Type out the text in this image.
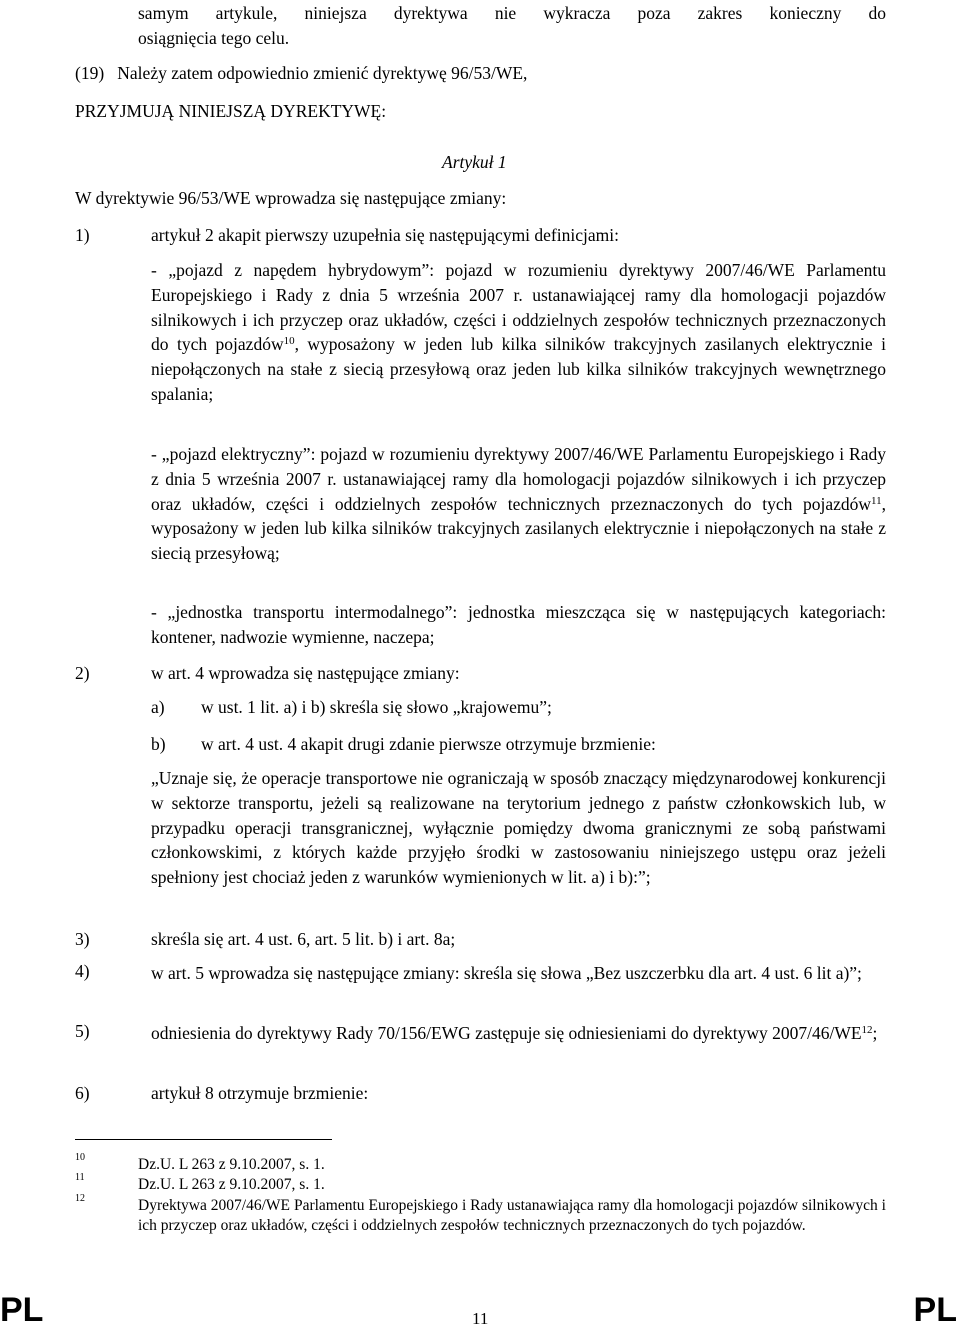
samym artykule, niniejsza dyrektywa nie wykracza poza zakres konieczny do
osiągnięcia tego celu.
(19)   Należy zatem odpowiednio zmienić dyrektywę 96/53/WE,
PRZYJMUJĄ NINIEJSZĄ DYREKTYWĘ:
Artykuł 1
W dyrektywie 96/53/WE wprowadza się następujące zmiany:
1)	artykuł 2 akapit pierwszy uzupełnia się następującymi definicjami:
- „pojazd z napędem hybrydowym”: pojazd w rozumieniu dyrektywy 2007/46/WE Parlamentu Europejskiego i Rady z dnia 5 września 2007 r. ustanawiającej ramy dla homologacji pojazdów silnikowych i ich przyczep oraz układów, części i oddzielnych zespołów technicznych przeznaczonych do tych pojazdów$^{10}$, wyposażony w jeden lub kilka silników trakcyjnych zasilanych elektrycznie i niepołączonych na stałe z siecią przesyłową oraz jeden lub kilka silników trakcyjnych wewnętrznego spalania;
- „pojazd elektryczny”: pojazd w rozumieniu dyrektywy 2007/46/WE Parlamentu Europejskiego i Rady z dnia 5 września 2007 r. ustanawiającej ramy dla homologacji pojazdów silnikowych i ich przyczep oraz układów, części i oddzielnych zespołów technicznych przeznaczonych do tych pojazdów$^{11}$, wyposażony w jeden lub kilka silników trakcyjnych zasilanych elektrycznie i niepołączonych na stałe z siecią przesyłową;
- „jednostka transportu intermodalnego”: jednostka mieszcząca się w następujących kategoriach: kontener, nadwozie wymienne, naczepa;
2)	w art. 4 wprowadza się następujące zmiany:
a) w ust. 1 lit. a) i b) skreśla się słowo „krajowemu”;
b) w art. 4 ust. 4 akapit drugi zdanie pierwsze otrzymuje brzmienie:
„Uznaje się, że operacje transportowe nie ograniczają w sposób znaczący międzynarodowej konkurencji w sektorze transportu, jeżeli są realizowane na terytorium jednego z państw członkowskich lub, w przypadku operacji transgranicznej, wyłącznie pomiędzy dwoma granicznymi ze sobą państwami członkowskimi, z których każde przyjęło środki w zastosowaniu niniejszego ustępu oraz jeżeli spełniony jest chociaż jeden z warunków wymienionych w lit. a) i b):”;
3)	skreśla się art. 4 ust. 6, art. 5 lit. b) i art. 8a;
4)	w art. 5 wprowadza się następujące zmiany: skreśla się słowa „Bez uszczerbku dla art. 4 ust. 6 lit a)”;
5)	odniesienia do dyrektywy Rady 70/156/EWG zastępuje się odniesieniami do dyrektywy 2007/46/WE$^{12}$;
6)	artykuł 8 otrzymuje brzmienie:
10	Dz.U. L 263 z 9.10.2007, s. 1.
11	Dz.U. L 263 z 9.10.2007, s. 1.
12	Dyrektywa 2007/46/WE Parlamentu Europejskiego i Rady ustanawiająca ramy dla homologacji pojazdów silnikowych i ich przyczep oraz układów, części i oddzielnych zespołów technicznych przeznaczonych do tych pojazdów.
PL	11	PL
